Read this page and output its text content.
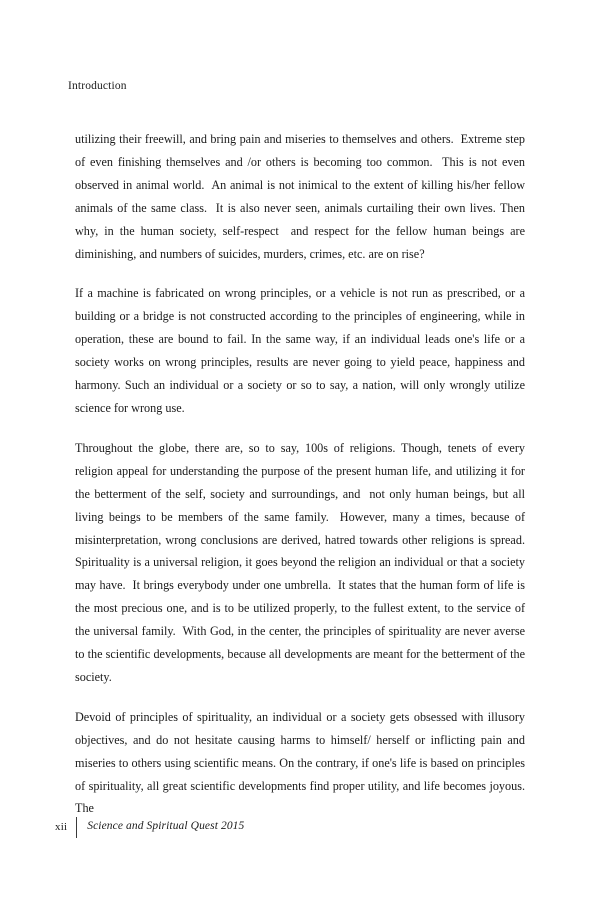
Introduction

utilizing their freewill, and bring pain and miseries to themselves and others.  Extreme step of even finishing themselves and /or others is becoming too common.  This is not even observed in animal world.  An animal is not inimical to the extent of killing his/her fellow animals of the same class.  It is also never seen, animals curtailing their own lives. Then why, in the human society, self-respect  and respect for the fellow human beings are diminishing, and numbers of suicides, murders, crimes, etc. are on rise?

If a machine is fabricated on wrong principles, or a vehicle is not run as prescribed, or a building or a bridge is not constructed according to the principles of engineering, while in operation, these are bound to fail. In the same way, if an individual leads one's life or a society works on wrong principles, results are never going to yield peace, happiness and harmony. Such an individual or a society or so to say, a nation, will only wrongly utilize science for wrong use.

Throughout the globe, there are, so to say, 100s of religions. Though, tenets of every religion appeal for understanding the purpose of the present human life, and utilizing it for the betterment of the self, society and surroundings, and  not only human beings, but all living beings to be members of the same family.  However, many a times, because of misinterpretation, wrong conclusions are derived, hatred towards other religions is spread.  Spirituality is a universal religion, it goes beyond the religion an individual or that a society may have.  It brings everybody under one umbrella.  It states that the human form of life is the most precious one, and is to be utilized properly, to the fullest extent, to the service of the universal family.  With God, in the center, the principles of spirituality are never averse to the scientific developments, because all developments are meant for the betterment of the society.

Devoid of principles of spirituality, an individual or a society gets obsessed with illusory objectives, and do not hesitate causing harms to himself/ herself or inflicting pain and miseries to others using scientific means. On the contrary, if one's life is based on principles of spirituality, all great scientific developments find proper utility, and life becomes joyous. The

xii	Science and Spiritual Quest 2015
